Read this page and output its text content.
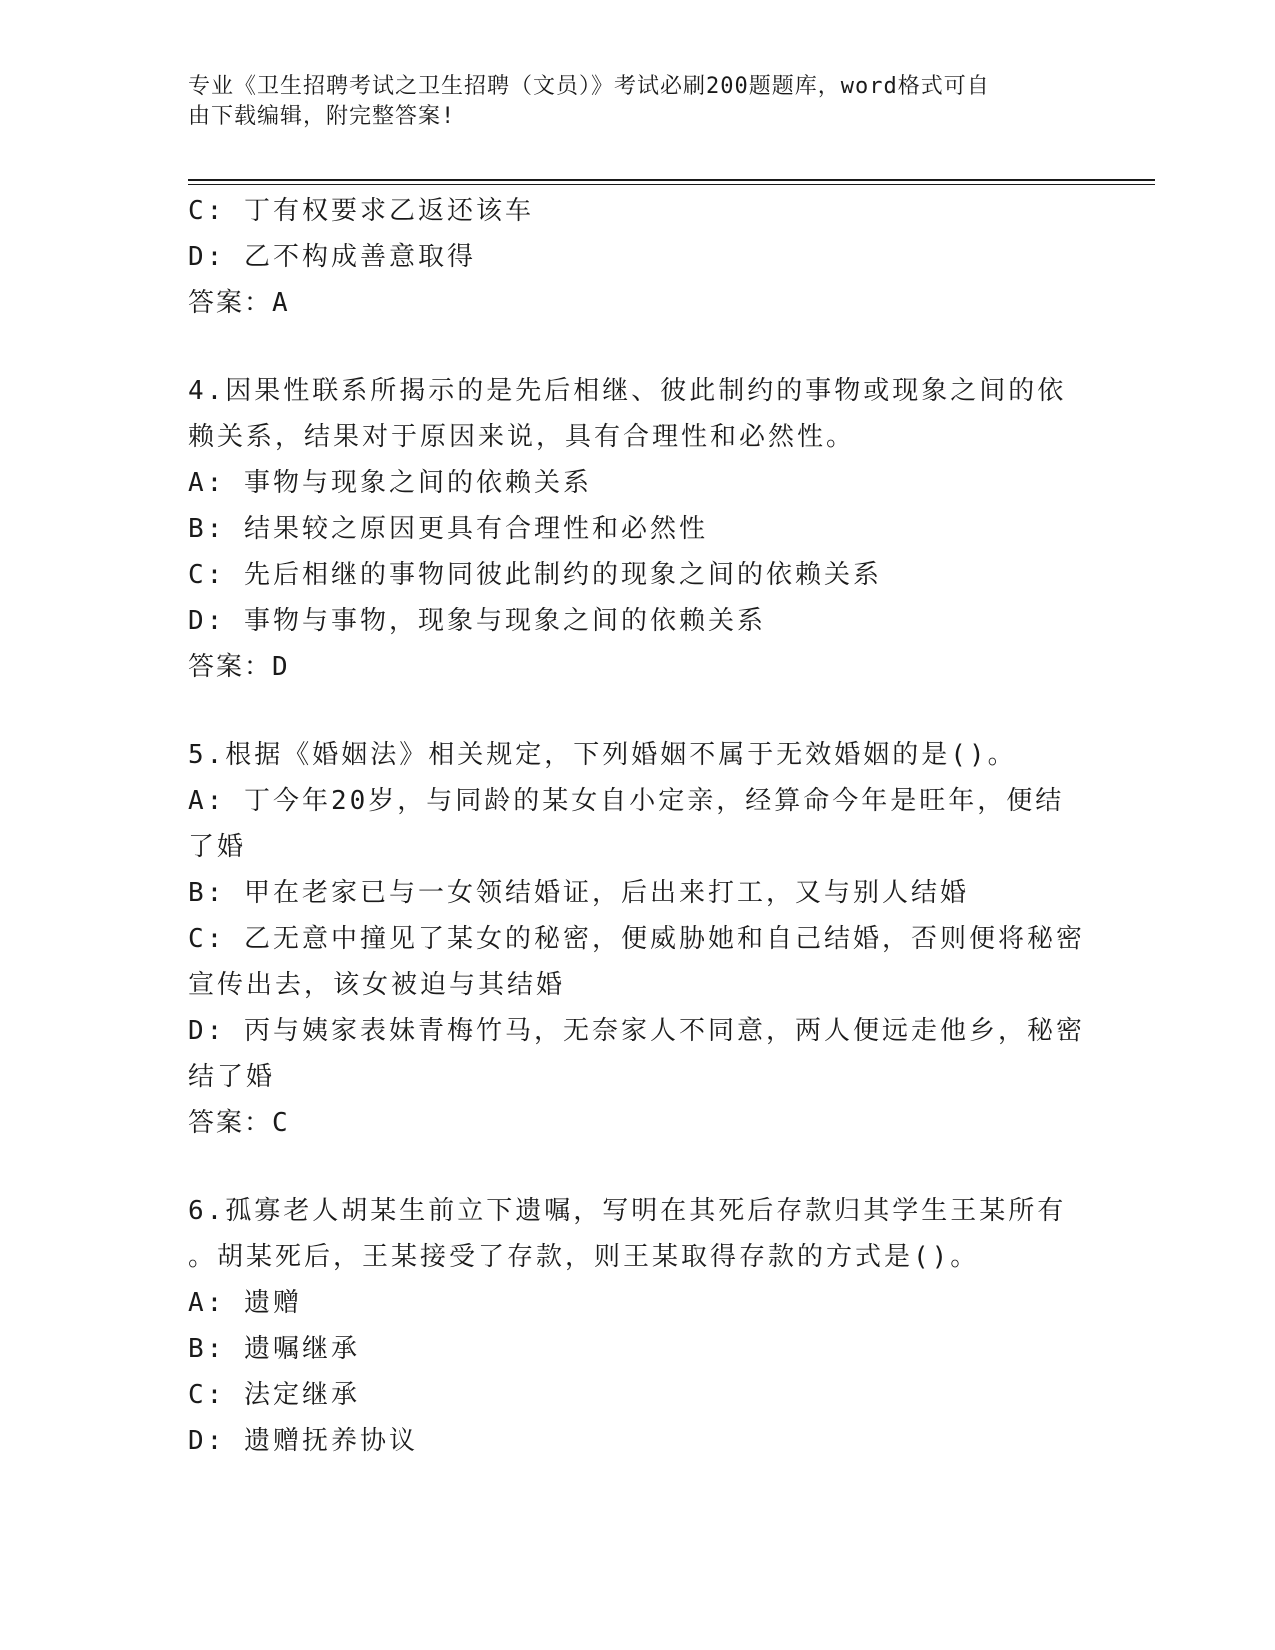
专业《卫生招聘考试之卫生招聘（文员）》考试必刷200题题库，word格式可自
由下载编辑，附完整答案!
C: 丁有权要求乙返还该车
D: 乙不构成善意取得
答案：A
4.因果性联系所揭示的是先后相继、彼此制约的事物或现象之间的依
赖关系，结果对于原因来说，具有合理性和必然性。
A: 事物与现象之间的依赖关系
B: 结果较之原因更具有合理性和必然性
C: 先后相继的事物同彼此制约的现象之间的依赖关系
D: 事物与事物，现象与现象之间的依赖关系
答案：D
5.根据《婚姻法》相关规定，下列婚姻不属于无效婚姻的是()。
A: 丁今年20岁，与同龄的某女自小定亲，经算命今年是旺年，便结
了婚
B: 甲在老家已与一女领结婚证，后出来打工，又与别人结婚
C: 乙无意中撞见了某女的秘密，便威胁她和自己结婚，否则便将秘密
宣传出去，该女被迫与其结婚
D: 丙与姨家表妹青梅竹马，无奈家人不同意，两人便远走他乡，秘密
结了婚
答案：C
6.孤寡老人胡某生前立下遗嘱，写明在其死后存款归其学生王某所有
。胡某死后，王某接受了存款，则王某取得存款的方式是()。
A: 遗赠
B: 遗嘱继承
C: 法定继承
D: 遗赠抚养协议
